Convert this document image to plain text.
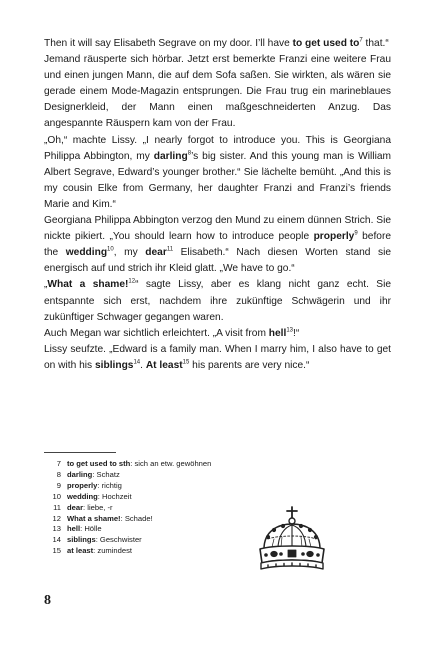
Then it will say Elisabeth Segrave on my door. I’ll have to get used $to^7$ that.“

Jemand räusperte sich hörbar. Jetzt erst bemerkte Franzi eine weitere Frau und einen jungen Mann, die auf dem Sofa saßen. Sie wirkten, als wären sie gerade einem Mode-Magazin entsprungen. Die Frau trug ein marineblaues Designerkleid, der Mann einen maßgeschneiderten Anzug. Das angespannte Räuspern kam von der Frau.

„Oh,“ machte Lissy. „I nearly forgot to introduce you. This is Georgiana Philippa Abbington, my darling$^8$’s big sister. And this young man is William Albert Segrave, Edward’s younger brother.“ Sie lächelte bemüht. „And this is my cousin Elke from Germany, her daughter Franzi and Franzi’s friends Marie and Kim.“

Georgiana Philippa Abbington verzog den Mund zu einem dünnen Strich. Sie nickte pikiert. „You should learn how to introduce people properly$^9$ before the wedding$^{10}$, my dear$^{11}$ Elisabeth.“ Nach diesen Worten stand sie energisch auf und strich ihr Kleid glatt. „We have to go.“

„What a shame!$^{12}$“ sagte Lissy, aber es klang nicht ganz echt. Sie entspannte sich erst, nachdem ihre zukünftige Schwägerin und ihr zukünftiger Schwager gegangen waren.

Auch Megan war sichtlich erleichtert. „A visit from hell$^{13}$!“

Lissy seufzte. „Edward is a family man. When I marry him, I also have to get on with his siblings$^{14}$. At least$^{15}$ his parents are very nice.“

7 to get used to sth: sich an etw. gewöhnen
8 darling: Schatz
9 properly: richtig
10 wedding: Hochzeit
11 dear: liebe, -r
12 What a shame!: Schade!
13 hell: Hölle
14 siblings: Geschwister
15 at least: zumindest
8
